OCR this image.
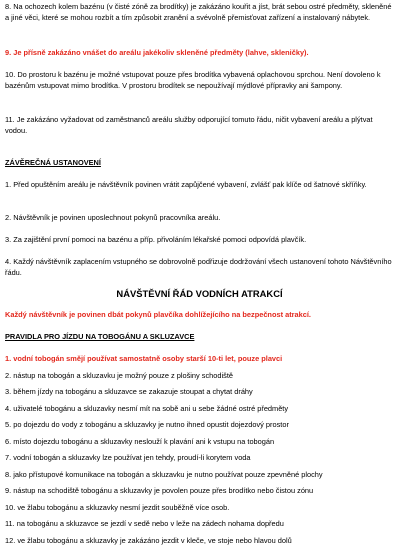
8. Na ochozech kolem bazénu (v čisté zóně za brodítky) je zakázáno kouřit a jíst, brát sebou ostré předměty, skleněné a jiné věci, které se mohou rozbít a tím způsobit zranění a svévolně přemisťovat zařízení a instalovaný nábytek.

9. Je přísně zakázáno vnášet do areálu jakékoliv skleněné předměty (lahve, skleničky).

10. Do prostoru k bazénu je možné vstupovat pouze přes brodítka vybavená oplachovou sprchou. Není dovoleno k bazénům vstupovat mimo brodítka. V prostoru brodítek se nepoužívají mýdlové přípravky ani šampony.

11. Je zakázáno vyžadovat od zaměstnanců areálu služby odporující tomuto řádu, ničit vybavení areálu a plýtvat vodou.

ZÁVĚREČNÁ USTANOVENÍ

1. Před opuštěním areálu je návštěvník povinen vrátit zapůjčené vybavení, zvlášť pak klíče od šatnové skříňky.

2. Návštěvník je povinen uposlechnout pokynů pracovníka areálu.

3. Za zajištění první pomoci na bazénu a příp. přivoláním lékařské pomoci odpovídá plavčík.

4. Každý návštěvník zaplacením vstupného se dobrovolně podřizuje dodržování všech ustanovení tohoto Návštěvního řádu.

NÁVŠTĚVNÍ ŘÁD VODNÍCH ATRAKCÍ

Každý návštěvník je povinen dbát pokynů plavčíka dohlížejícího na bezpečnost atrakcí.

PRAVIDLA PRO JÍZDU NA TOBOGÁNU A SKLUZAVCE

1. vodní tobogán smějí používat samostatně osoby starší 10-ti let, pouze plavci

2. nástup na tobogán a skluzavku je možný pouze z plošiny schodiště

3. během jízdy na tobogánu a skluzavce se zakazuje stoupat a chytat dráhy

4. uživatelé tobogánu a skluzavky nesmí mít na sobě ani u sebe žádné ostré předměty

5. po dojezdu do vody z tobogánu a skluzavky je nutno ihned opustit dojezdový prostor

6. místo dojezdu tobogánu a skluzavky neslouží k plavání ani k vstupu na tobogán

7. vodní tobogán a skluzavky lze používat jen tehdy, proudí-li korytem voda

8. jako přístupové komunikace na tobogán a skluzavku je nutno používat pouze zpevněné plochy

9. nástup na schodiště tobogánu a skluzavky je povolen pouze přes brodítko nebo čistou zónu

10. ve žlabu tobogánu a skluzavky nesmí jezdit souběžně více osob.

11. na tobogánu a skluzavce se jezdí v sedě nebo v leže na zádech nohama dopředu

12. ve žlabu tobogánu a skluzavky je zakázáno jezdit v kleče, ve stoje nebo hlavou dolů
